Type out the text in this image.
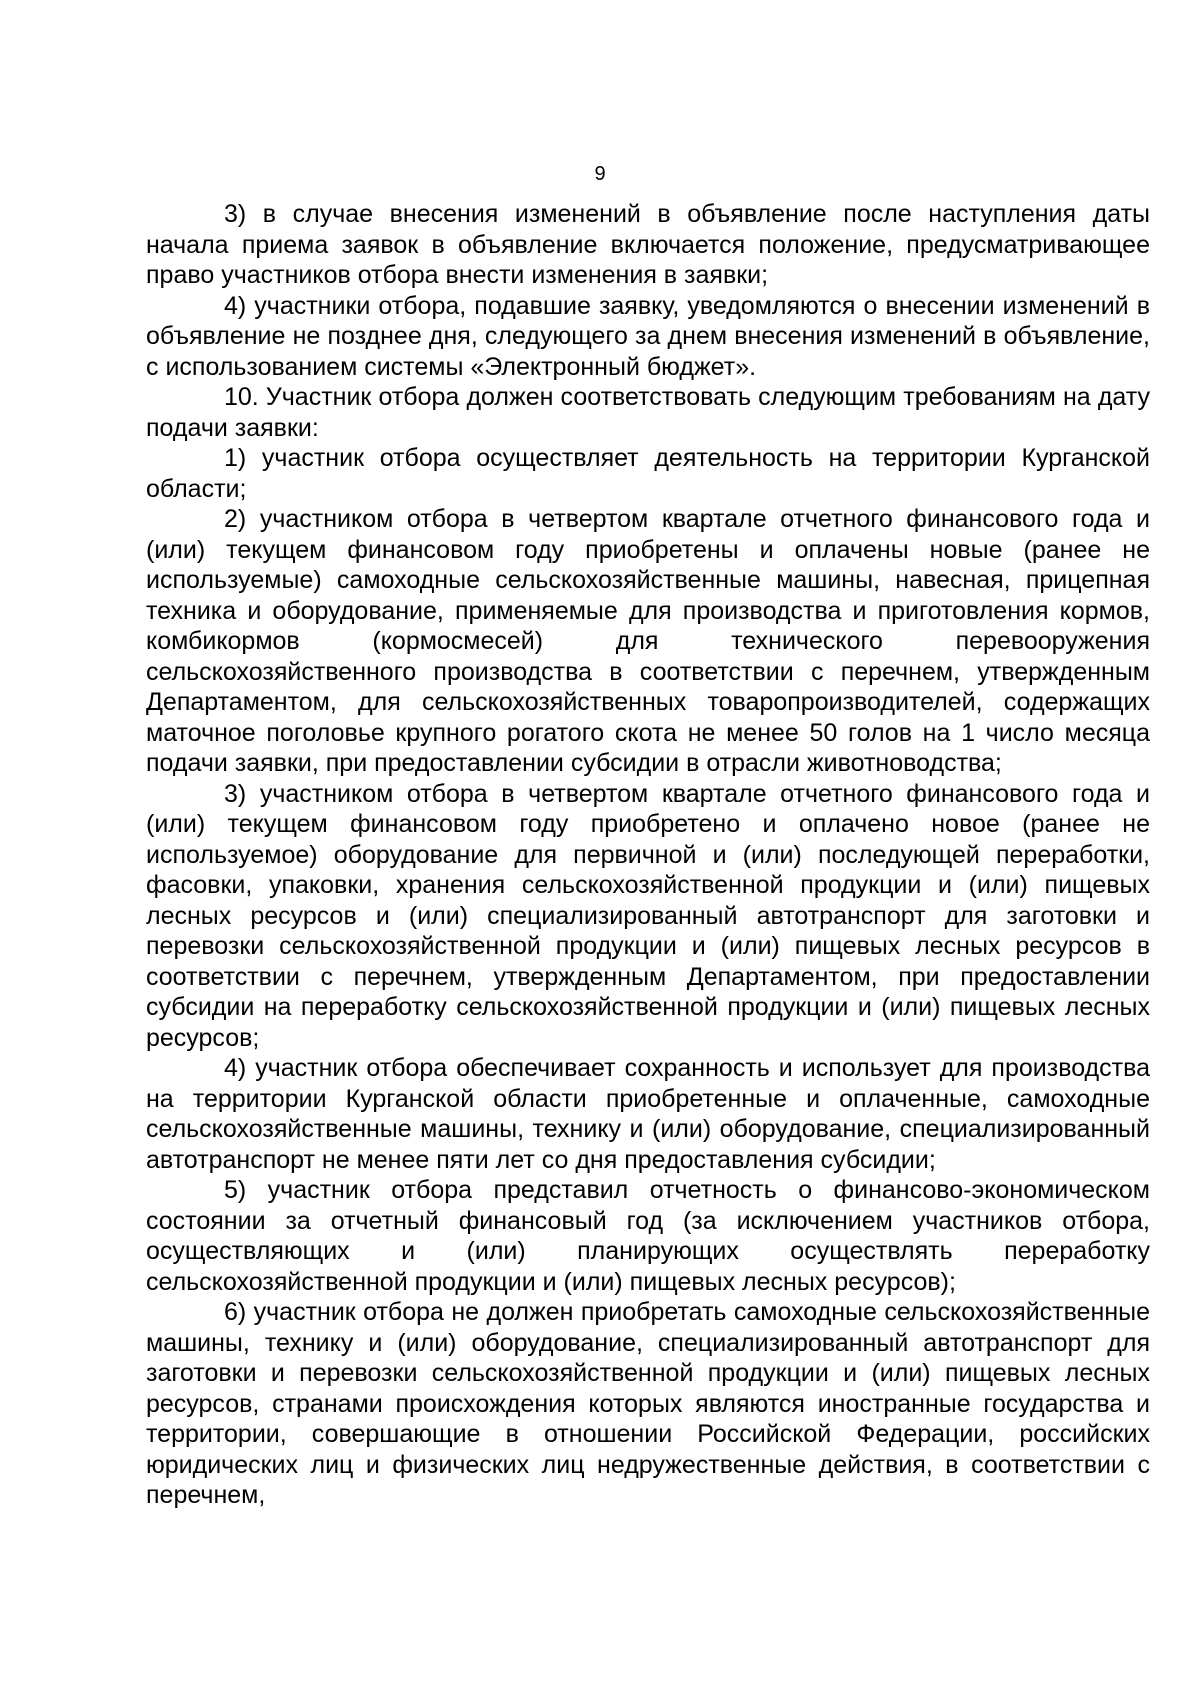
9

3) в случае внесения изменений в объявление после наступления даты начала приема заявок в объявление включается положение, предусматривающее право участников отбора внести изменения в заявки;

4) участники отбора, подавшие заявку, уведомляются о внесении изменений в объявление не позднее дня, следующего за днем внесения изменений в объявление, с использованием системы «Электронный бюджет».

10. Участник отбора должен соответствовать следующим требованиям на дату подачи заявки:

1) участник отбора осуществляет деятельность на территории Курганской области;

2) участником отбора в четвертом квартале отчетного финансового года и (или) текущем финансовом году приобретены и оплачены новые (ранее не используемые) самоходные сельскохозяйственные машины, навесная, прицепная техника и оборудование, применяемые для производства и приготовления кормов, комбикормов (кормосмесей) для технического перевооружения сельскохозяйственного производства в соответствии с перечнем, утвержденным Департаментом, для сельскохозяйственных товаропроизводителей, содержащих маточное поголовье крупного рогатого скота не менее 50 голов на 1 число месяца подачи заявки, при предоставлении субсидии в отрасли животноводства;

3) участником отбора в четвертом квартале отчетного финансового года и (или) текущем финансовом году приобретено и оплачено новое (ранее не используемое) оборудование для первичной и (или) последующей переработки, фасовки, упаковки, хранения сельскохозяйственной продукции и (или) пищевых лесных ресурсов и (или) специализированный автотранспорт для заготовки и перевозки сельскохозяйственной продукции и (или) пищевых лесных ресурсов в соответствии с перечнем, утвержденным Департаментом, при предоставлении субсидии на переработку сельскохозяйственной продукции и (или) пищевых лесных ресурсов;

4) участник отбора обеспечивает сохранность и использует для производства на территории Курганской области приобретенные и оплаченные, самоходные сельскохозяйственные машины, технику и (или) оборудование, специализированный автотранспорт не менее пяти лет со дня предоставления субсидии;

5) участник отбора представил отчетность о финансово-экономическом состоянии за отчетный финансовый год (за исключением участников отбора, осуществляющих и (или) планирующих осуществлять переработку сельскохозяйственной продукции и (или) пищевых лесных ресурсов);

6) участник отбора не должен приобретать самоходные сельскохозяйственные машины, технику и (или) оборудование, специализированный автотранспорт для заготовки и перевозки сельскохозяйственной продукции и (или) пищевых лесных ресурсов, странами происхождения которых являются иностранные государства и территории, совершающие в отношении Российской Федерации, российских юридических лиц и физических лиц недружественные действия, в соответствии с перечнем,
